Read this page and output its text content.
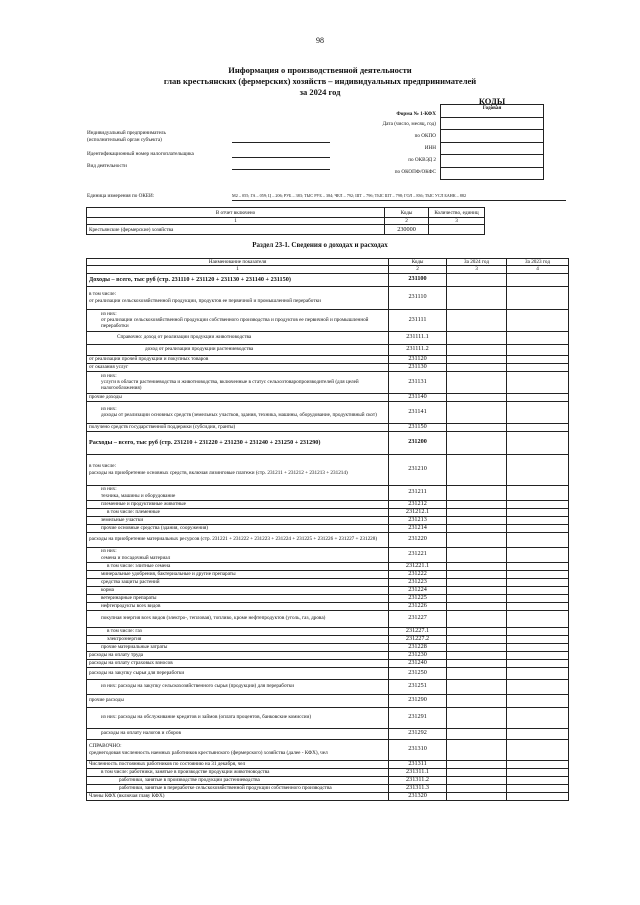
98
Информация о производственной деятельности
глав крестьянских (фермерских) хозяйств – индивидуальных предпринимателей
за 2024 год
КОДЫ
Форма № 1-КФХ
Дата (число, месяц, год)
по ОКПО
ИНН
по ОКВЭД 2
по ОКОПФ/ОКФС
Годовая

Индивидуальный предприниматель
(исполнительный орган субъекта)
Идентификационный номер налогоплательщика
Вид деятельности
Единица измерения по ОКЕИ:	М2 – 055; ГА – 059; Ц – 206; РУБ – 383; ТЫС РУБ – 384; ЧЕЛ – 792; ШТ – 796; ТЫС ШТ – 798; ГОЛ – 836; ТЫС УСЛ БАНК – 882
В отчет включено	Коды	Количество, единиц
1	2	3
Крестьянские (фермерские) хозяйства	230000	
Раздел 23-1. Сведения о доходах и расходах
Наименование показателя	Коды	За 2024 год	За 2023 год
1	2	3	4
Доходы – всего, тыс руб (стр. 231110 + 231120 + 231130 + 231140 + 231150)	231100		
в том числе:
от реализации сельскохозяйственной продукции, продуктов ее первичной и промышленной переработки	231110		
из них:
от реализации сельскохозяйственной продукции собственного производства и продуктов ее первичной и промышленной переработки	231111		
Справочно: доход от реализации продукции животноводства	231111.1		
доход от реализации продукции растениеводства	231111.2		
от реализации прочей продукции и покупных товаров	231120		
от оказания услуг	231130		
из них:
услуги в области растениеводства и животноводства, включенные в статус сельхозтоваропроизводителей (для целей налогообложения)	231131		
прочие доходы	231140		
из них:
доходы от реализации основных средств (земельных участков, здания, техника, машины, оборудование, продуктивный скот)	231141		
получено средств государственной поддержки (субсидии, гранты)	231150		
Расходы – всего, тыс руб (стр. 231210 + 231220 + 231230 + 231240 + 231250 + 231290)	231200		
в том числе:
расходы на приобретение основных средств, включая лизинговые платежи (стр. 231211 + 231212 + 231213 + 231214)	231210		
из них:
техника, машины и оборудование	231211		
племенные и продуктивные животные	231212		
в том числе: племенные	231212.1		
земельные участки	231213		
прочие основные средства (здания, сооружения)	231214		
расходы на приобретение материальных ресурсов (стр. 231221 + 231222 + 231223 + 231224 + 231225 + 231226 + 231227 + 231228)	231220		
из них:
семена и посадочный материал	231221		
в том числе: элитные семена	231221.1		
минеральные удобрения, бактериальные и другие препараты	231222		
средства защиты растений	231223		
корма	231224		
ветеринарные препараты	231225		
нефтепродукты всех видов	231226		
покупная энергия всех видов (электро-, тепловая), топливо, кроме нефтепродуктов (уголь, газ, дрова)	231227		
в том числе: газ	231227.1		
электроэнергия	231227.2		
прочие материальные затраты	231228		
расходы на оплату труда	231230		
расходы на оплату страховых взносов	231240		
расходы на закупку сырья для переработки	231250		
из них: расходы на закупку сельскохозяйственного сырья (продукции) для переработки	231251		
прочие расходы	231290		
из них: расходы на обслуживание кредитов и займов (оплата процентов, банковские комиссии)	231291		
расходы на оплату налогов и сборов	231292		
СПРАВОЧНО:
среднегодовая численность наемных работников крестьянского (фермерского) хозяйства (далее - КФХ), чел	231310		
Численность постоянных работников по состоянию на 31 декабря, чел	231311		
в том числе: работники, занятые в производстве продукции животноводства	231311.1		
работники, занятые в производстве продукции растениеводства	231311.2		
работники, занятые в переработке сельскохозяйственной продукции собственного производства	231311.3		
Члены КФХ (включая главу КФХ)	231320		
